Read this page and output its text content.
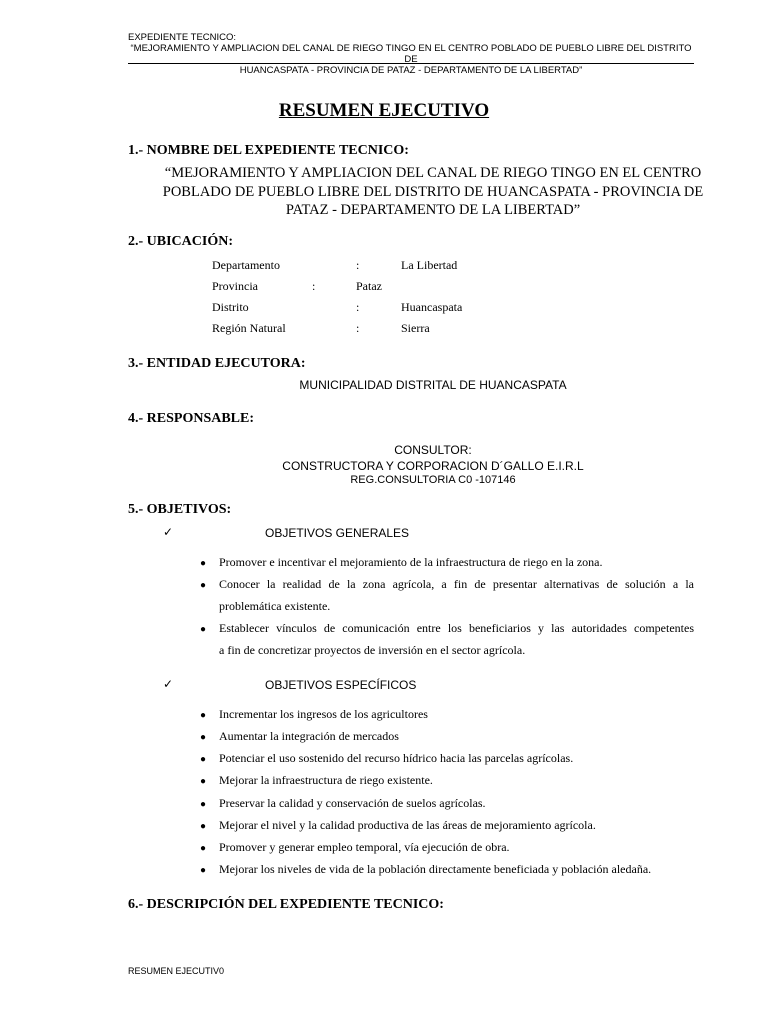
EXPEDIENTE TECNICO:

“MEJORAMIENTO Y AMPLIACION DEL CANAL DE RIEGO TINGO EN EL CENTRO POBLADO DE PUEBLO LIBRE DEL DISTRITO DE

HUANCASPATA - PROVINCIA DE PATAZ - DEPARTAMENTO DE LA LIBERTAD”

RESUMEN EJECUTIVO

1.- NOMBRE DEL EXPEDIENTE TECNICO:

“MEJORAMIENTO Y AMPLIACION DEL CANAL DE RIEGO TINGO EN EL CENTRO
POBLADO DE PUEBLO LIBRE DEL DISTRITO DE HUANCASPATA - PROVINCIA DE
PATAZ - DEPARTAMENTO DE LA LIBERTAD”

2.- UBICACIÓN:

Departamento	:	La Libertad
Provincia	:	Pataz
Distrito	:	Huancaspata
Región Natural	:	Sierra

3.- ENTIDAD EJECUTORA:

MUNICIPALIDAD DISTRITAL DE HUANCASPATA

4.- RESPONSABLE:

CONSULTOR:
CONSTRUCTORA Y CORPORACION D´GALLO E.I.R.L
REG.CONSULTORIA C0 -107146

5.- OBJETIVOS:

✓	OBJETIVOS GENERALES
● Promover e incentivar el mejoramiento de la infraestructura de riego en la zona.
● Conocer la realidad de la zona agrícola, a fin de presentar alternativas de solución a la
problemática existente.
● Establecer vínculos de comunicación entre los beneficiarios y las autoridades competentes
a fin de concretizar proyectos de inversión en el sector agrícola.
✓	OBJETIVOS ESPECÍFICOS
● Incrementar los ingresos de los agricultores
● Aumentar la integración de mercados
● Potenciar el uso sostenido del recurso hídrico hacia las parcelas agrícolas.
● Mejorar la infraestructura de riego existente.
● Preservar la calidad y conservación de suelos agrícolas.
● Mejorar el nivel y la calidad productiva de las áreas de mejoramiento agrícola.
● Promover y generar empleo temporal, vía ejecución de obra.
● Mejorar los niveles de vida de la población directamente beneficiada y población aledaña.

6.- DESCRIPCIÓN DEL EXPEDIENTE TECNICO:

RESUMEN EJECUTIV0
